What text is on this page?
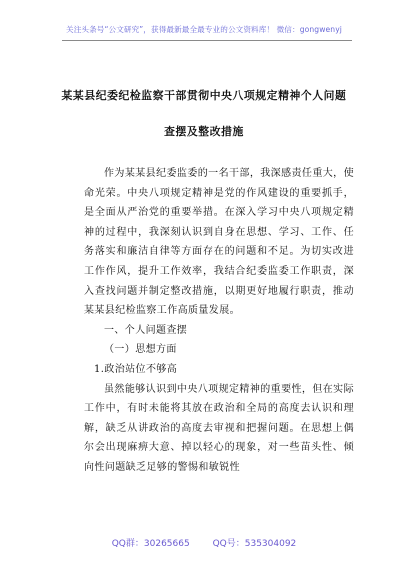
关注头条号“公文研究”，获得最新最全最专业的公文资料库！ 微信：gongwenyj
某某县纪委纪检监察干部贯彻中央八项规定精神个人问题
查摆及整改措施

作为某某县纪委监委的一名干部，我深感责任重大，使命光荣。中央八项规定精神是党的作风建设的重要抓手，是全面从严治党的重要举措。在深入学习中央八项规定精神的过程中，我深刻认识到自身在思想、学习、工作、任务落实和廉洁自律等方面存在的问题和不足。为切实改进工作作风，提升工作效率，我结合纪委监委工作职责，深入查找问题并制定整改措施，以期更好地履行职责，推动某某县纪检监察工作高质量发展。

一、个人问题查摆

（一）思想方面

1.政治站位不够高

虽然能够认识到中央八项规定精神的重要性，但在实际工作中，有时未能将其放在政治和全局的高度去认识和理解，缺乏从讲政治的高度去审视和把握问题。在思想上偶尔会出现麻痹大意、掉以轻心的现象，对一些苗头性、倾向性问题缺乏足够的警惕和敏锐性

QQ群：30265665	QQ号：535304092
